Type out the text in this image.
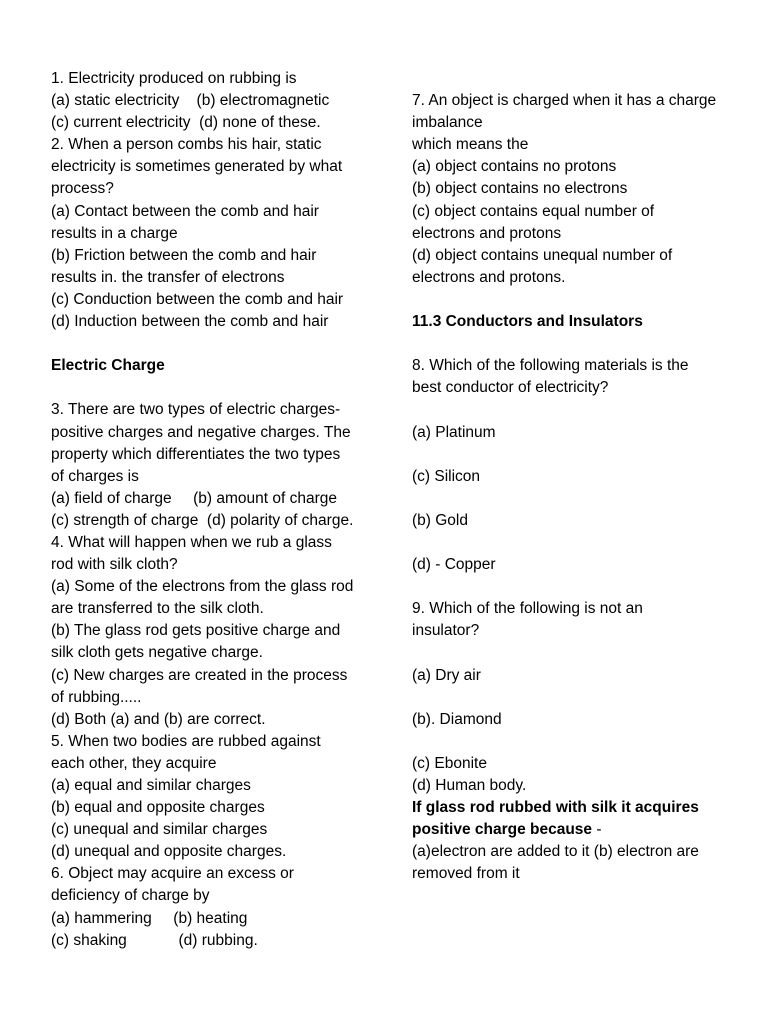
1. Electricity produced on rubbing is
(a) static electricity    (b) electromagnetic
(c) current electricity  (d) none of these.
2. When a person combs his hair, static
electricity is sometimes generated by what
process?
(a) Contact between the comb and hair
results in a charge
(b) Friction between the comb and hair
results in. the transfer of electrons
(c) Conduction between the comb and hair
(d) Induction between the comb and hair
Electric Charge
3. There are two types of electric charges-
positive charges and negative charges. The
property which differentiates the two types
of charges is
(a) field of charge     (b) amount of charge
(c) strength of charge  (d) polarity of charge.
4. What will happen when we rub a glass
rod with silk cloth?
(a) Some of the electrons from the glass rod
are transferred to the silk cloth.
(b) The glass rod gets positive charge and
silk cloth gets negative charge.
(c) New charges are created in the process
of rubbing.....
(d) Both (a) and (b) are correct.
5. When two bodies are rubbed against
each other, they acquire
(a) equal and similar charges
(b) equal and opposite charges
(c) unequal and similar charges
(d) unequal and opposite charges.
6. Object may acquire an excess or
deficiency of charge by
(a) hammering     (b) heating
(c) shaking            (d) rubbing.
7. An object is charged when it has a charge
imbalance
which means the
(a) object contains no protons
(b) object contains no electrons
(c) object contains equal number of
electrons and protons
(d) object contains unequal number of
electrons and protons.
11.3 Conductors and Insulators
8. Which of the following materials is the
best conductor of electricity?
(a) Platinum
(c) Silicon
(b) Gold
(d) - Copper
9. Which of the following is not an
insulator?
(a) Dry air
(b). Diamond
(c) Ebonite
(d) Human body.
If glass rod rubbed with silk it acquires
positive charge because -
(a)electron are added to it (b) electron are
removed from it
